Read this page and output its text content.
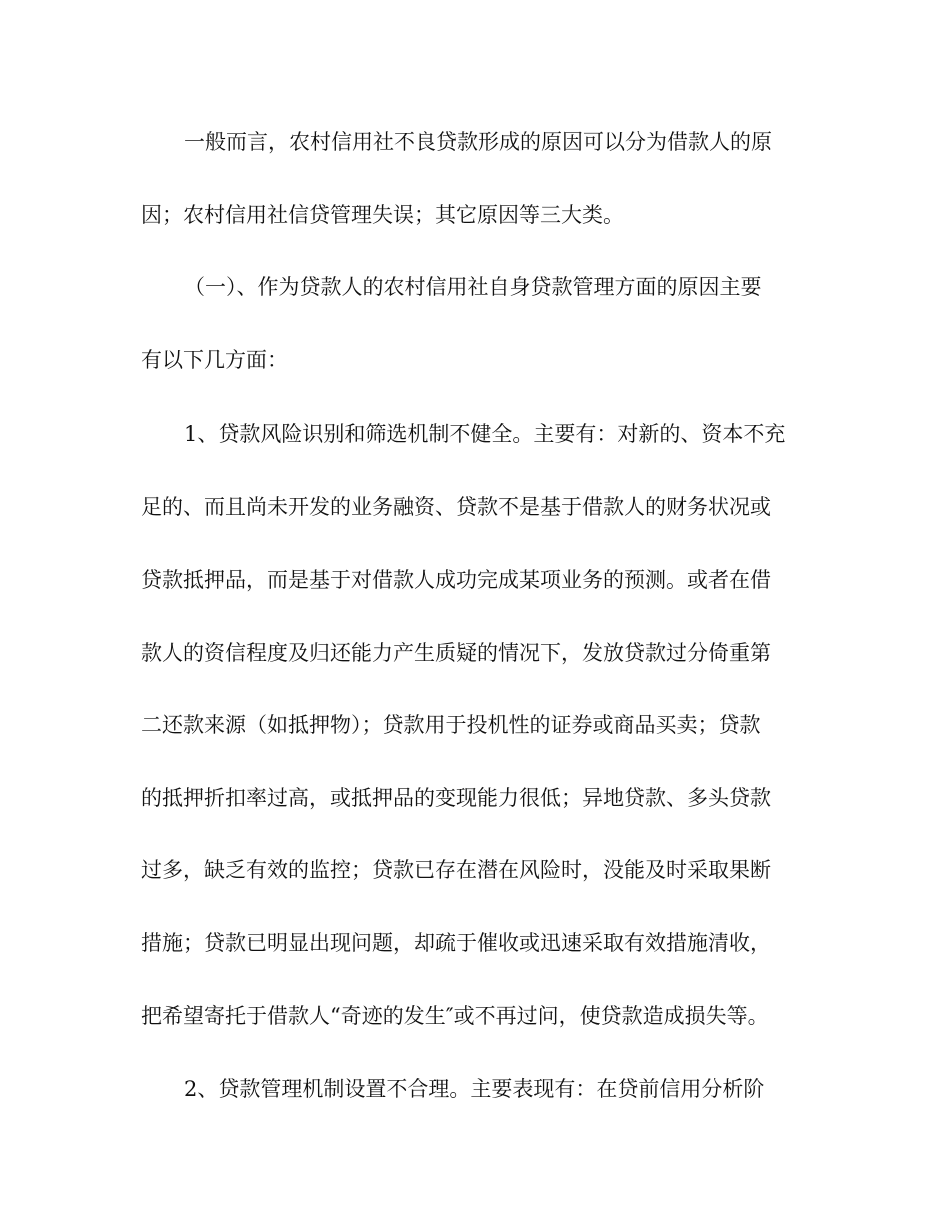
一般而言，农村信用社不良贷款形成的原因可以分为借款人的原
因；农村信用社信贷管理失误；其它原因等三大类。
（一）、作为贷款人的农村信用社自身贷款管理方面的原因主要
有以下几方面：
1、贷款风险识别和筛选机制不健全。主要有：对新的、资本不充
足的、而且尚未开发的业务融资、贷款不是基于借款人的财务状况或
贷款抵押品，而是基于对借款人成功完成某项业务的预测。或者在借
款人的资信程度及归还能力产生质疑的情况下，发放贷款过分倚重第
二还款来源（如抵押物）；贷款用于投机性的证券或商品买卖；贷款
的抵押折扣率过高，或抵押品的变现能力很低；异地贷款、多头贷款
过多，缺乏有效的监控；贷款已存在潜在风险时，没能及时采取果断
措施；贷款已明显出现问题，却疏于催收或迅速采取有效措施清收，
把希望寄托于借款人“奇迹的发生″或不再过问，使贷款造成损失等。
2、贷款管理机制设置不合理。主要表现有：在贷前信用分析阶
